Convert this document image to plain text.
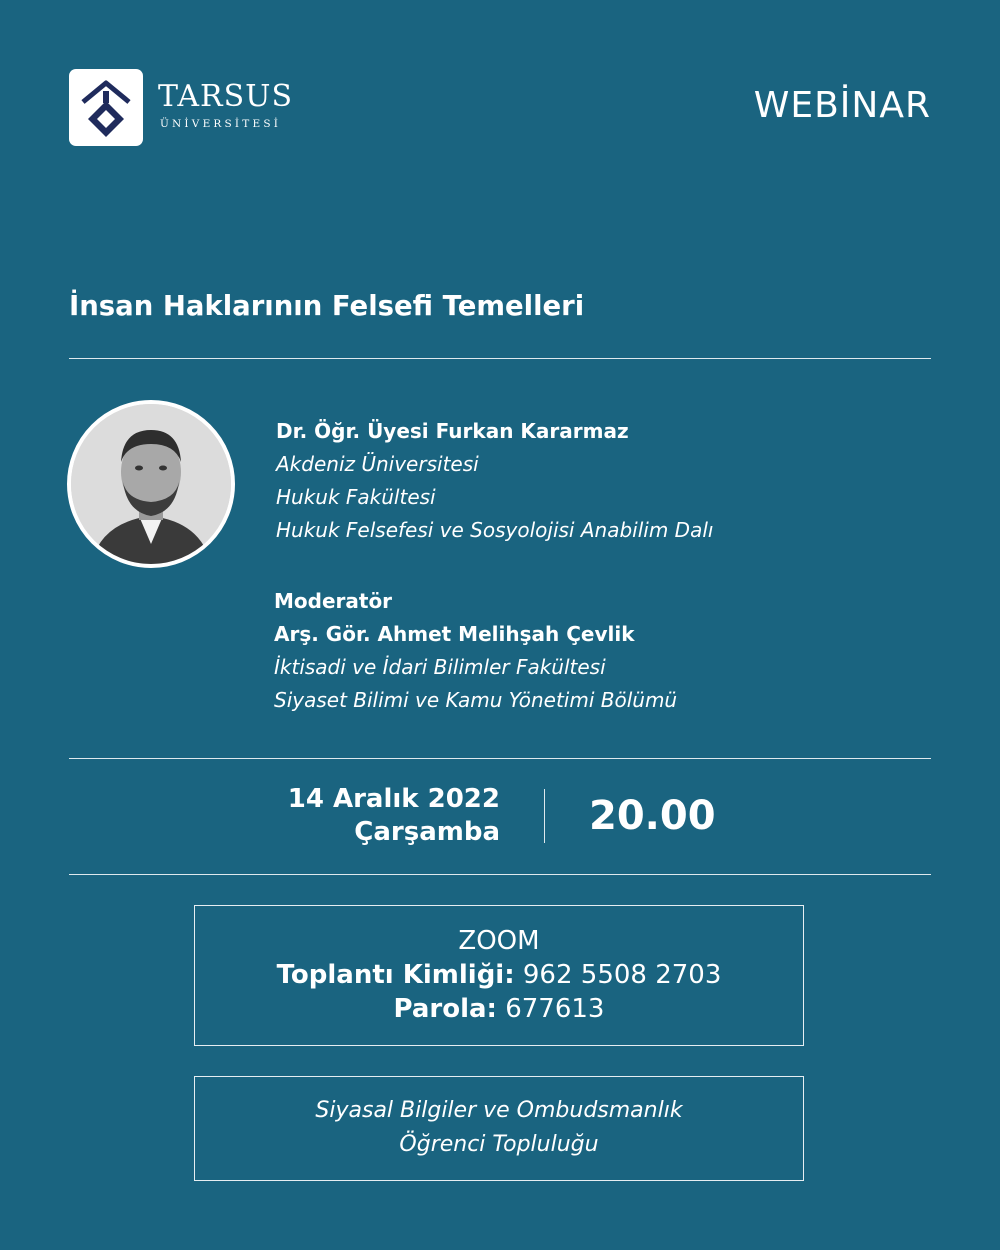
TARSUS
ÜNİVERSİTESİ	WEBİNAR
İnsan Haklarının Felsefi Temelleri
Dr. Öğr. Üyesi Furkan Kararmaz
Akdeniz Üniversitesi
Hukuk Fakültesi
Hukuk Felsefesi ve Sosyolojisi Anabilim Dalı
Moderatör
Arş. Gör. Ahmet Melihşah Çevlik
İktisadi ve İdari Bilimler Fakültesi
Siyaset Bilimi ve Kamu Yönetimi Bölümü
14 Aralık 2022
Çarşamba 20.00
ZOOM
Toplantı Kimliği: 962 5508 2703
Parola: 677613
Siyasal Bilgiler ve Ombudsmanlık
Öğrenci Topluluğu
